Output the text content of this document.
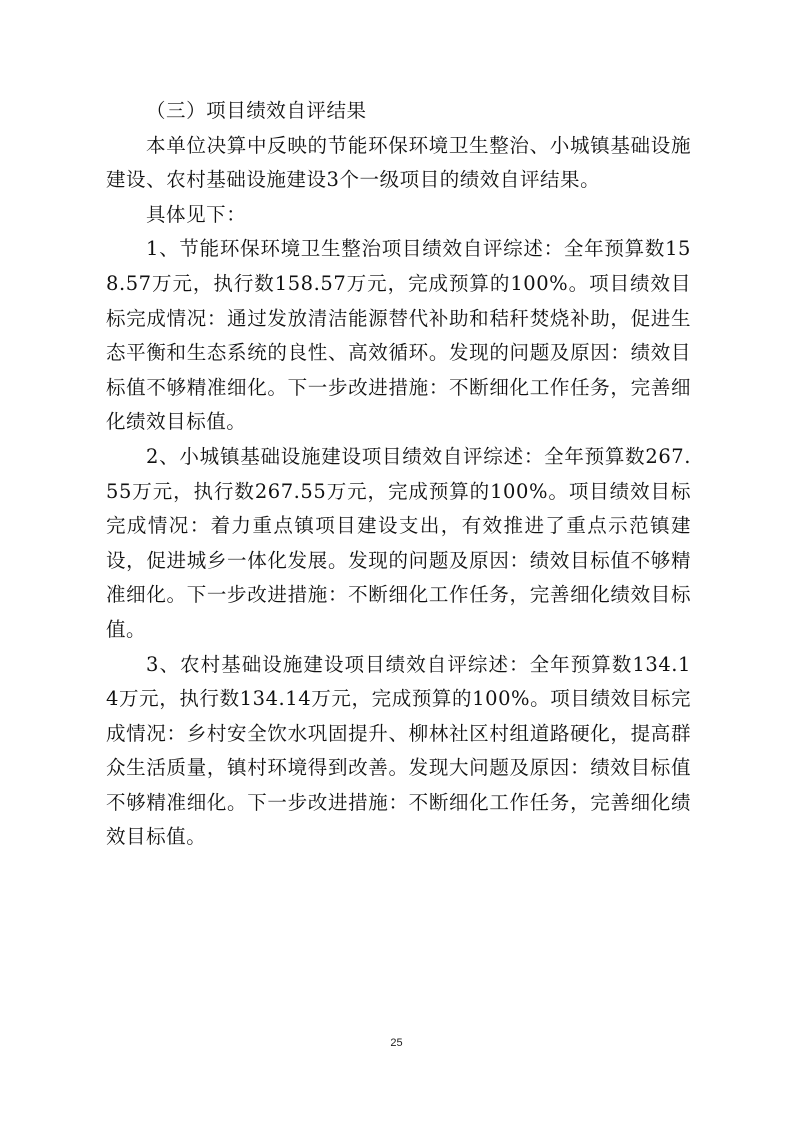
（三）项目绩效自评结果

本单位决算中反映的节能环保环境卫生整治、小城镇基础设施建设、农村基础设施建设3个一级项目的绩效自评结果。

具体见下：

1、节能环保环境卫生整治项目绩效自评综述：全年预算数158.57万元，执行数158.57万元，完成预算的100%。项目绩效目标完成情况：通过发放清洁能源替代补助和秸秆焚烧补助，促进生态平衡和生态系统的良性、高效循环。发现的问题及原因：绩效目标值不够精准细化。下一步改进措施：不断细化工作任务，完善细化绩效目标值。

2、小城镇基础设施建设项目绩效自评综述：全年预算数267.55万元，执行数267.55万元，完成预算的100%。项目绩效目标完成情况：着力重点镇项目建设支出，有效推进了重点示范镇建设，促进城乡一体化发展。发现的问题及原因：绩效目标值不够精准细化。下一步改进措施：不断细化工作任务，完善细化绩效目标值。

3、农村基础设施建设项目绩效自评综述：全年预算数134.14万元，执行数134.14万元，完成预算的100%。项目绩效目标完成情况：乡村安全饮水巩固提升、柳林社区村组道路硬化，提高群众生活质量，镇村环境得到改善。发现大问题及原因：绩效目标值不够精准细化。下一步改进措施：不断细化工作任务，完善细化绩效目标值。

25
